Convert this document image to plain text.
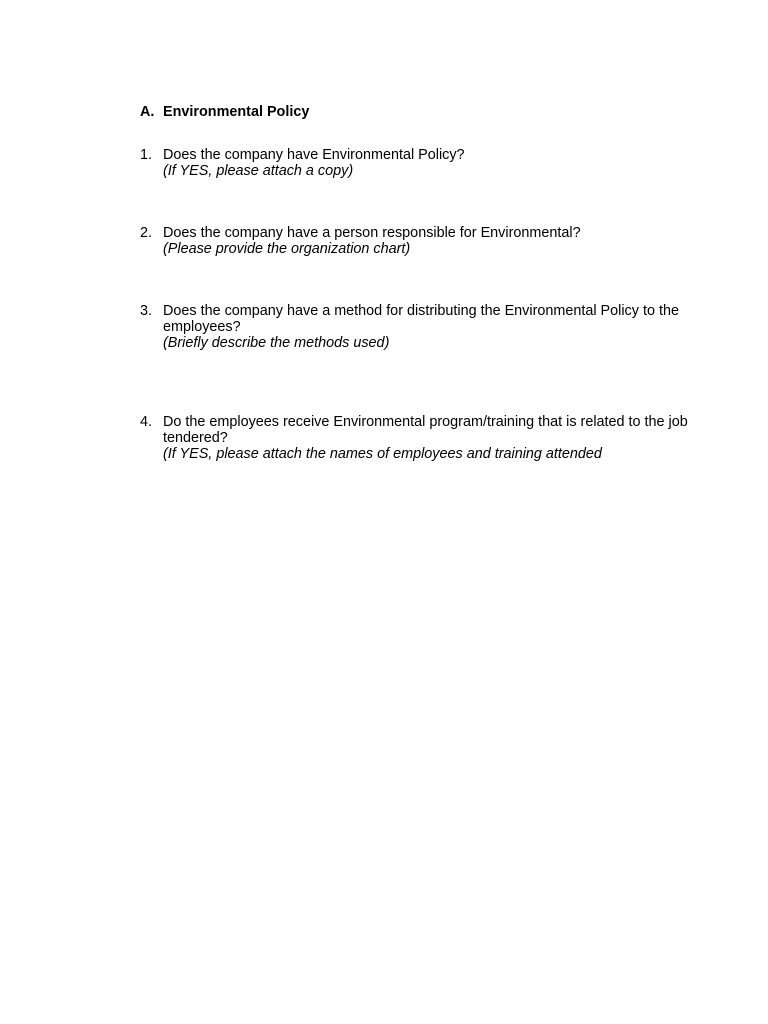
A. Environmental Policy
1. Does the company have Environmental Policy?
(If YES, please attach a copy)
2. Does the company have a person responsible for Environmental?
(Please provide the organization chart)
3. Does the company have a method for distributing the Environmental Policy to the employees?
(Briefly describe the methods used)
4. Do the employees receive Environmental program/training that is related to the job tendered?
(If YES, please attach the names of employees and training attended
